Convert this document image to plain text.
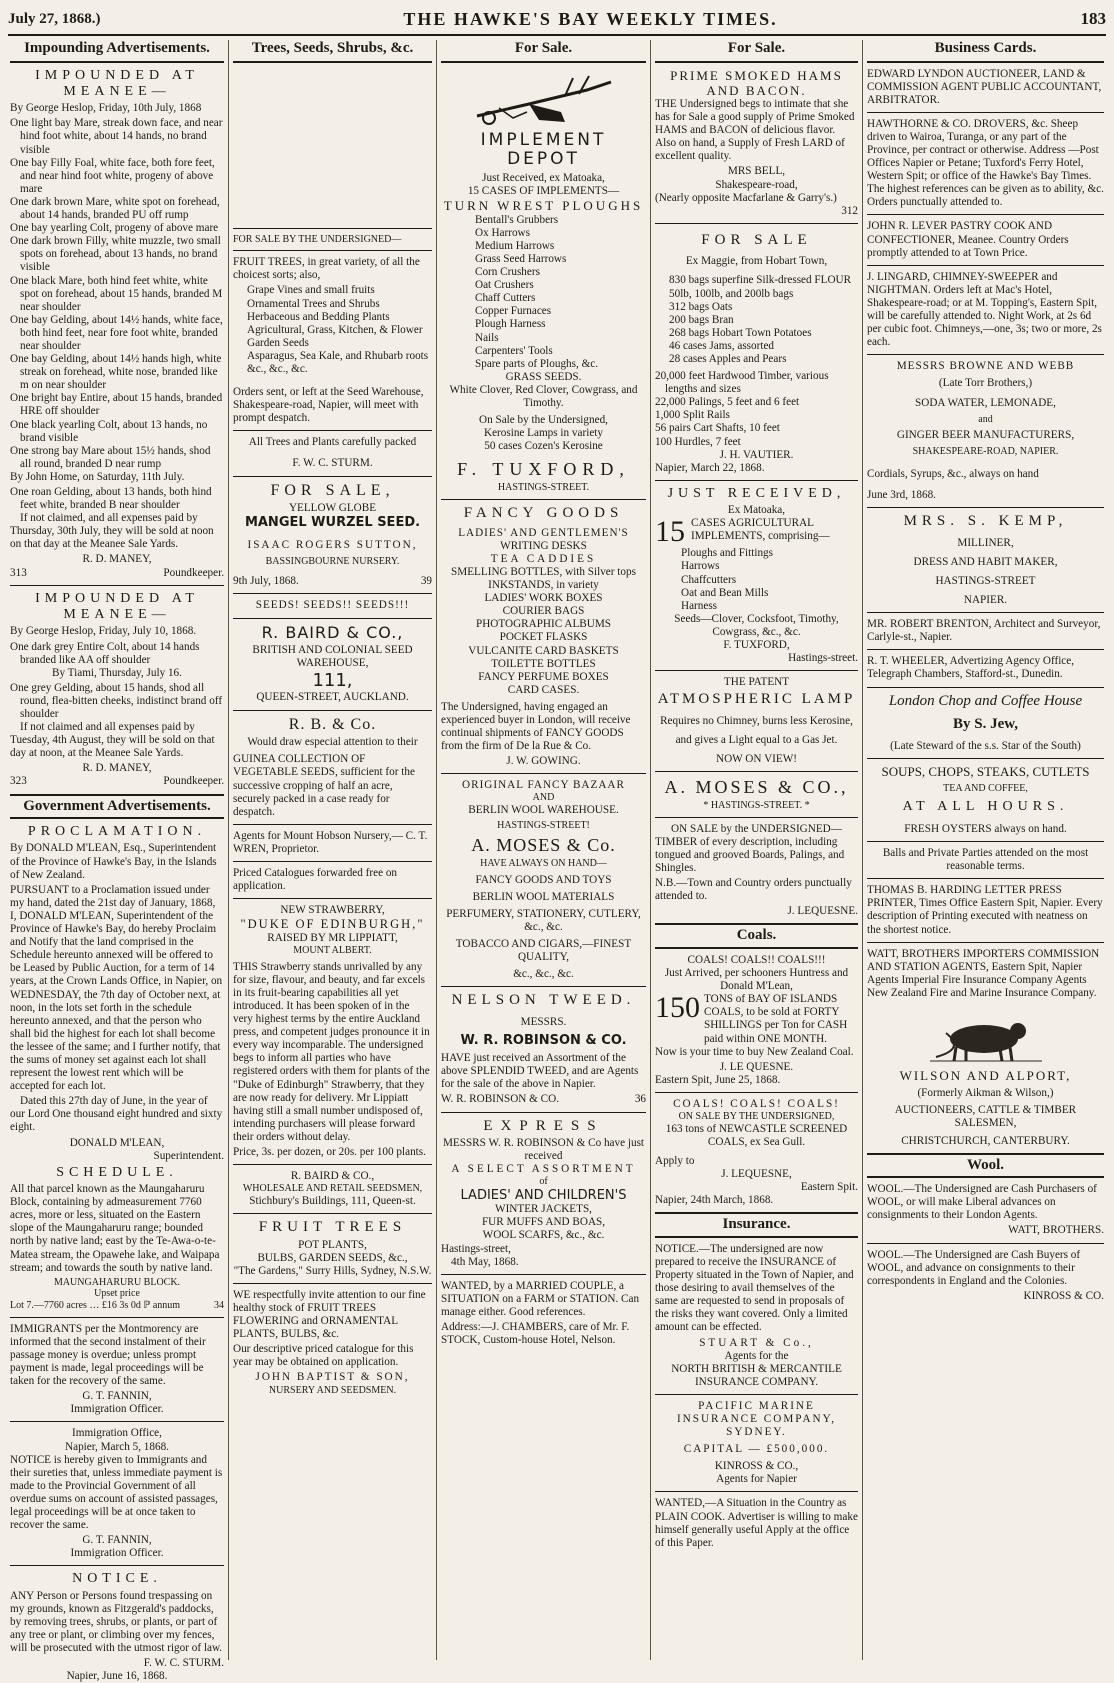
July 27, 1868.)	THE HAWKE'S BAY WEEKLY TIMES.	183
Impounding Advertisements.
IMPOUNDED AT MEANEE—

By George Heslop, Friday, 10th July, 1868

One light bay Mare, streak down face, and near hind foot white, about 14 hands, no brand visible
One bay Filly Foal, white face, both fore feet, and near hind foot white, progeny of above mare
One dark brown Mare, white spot on forehead, about 14 hands, branded PU off rump
One bay yearling Colt, progeny of above mare
One dark brown Filly, white muzzle, two small spots on forehead, about 13 hands, no brand visible
One black Mare, both hind feet white, white spot on forehead, about 15 hands, branded M near shoulder
One bay Gelding, about 14½ hands, white face, both hind feet, near fore foot white, branded near shoulder
One bay Gelding, about 14½ hands high, white streak on forehead, white nose, branded like m on near shoulder
One bright bay Entire, about 15 hands, branded HRE off shoulder
One black yearling Colt, about 13 hands, no brand visible
One strong bay Mare about 15½ hands, shod all round, branded D near rump

By John Home, on Saturday, 11th July.

One roan Gelding, about 13 hands, both hind feet white, branded B near shoulder

If not claimed, and all expenses paid by Thursday, 30th July, they will be sold at noon on that day at the Meanee Sale Yards.

R. D. MANEY,
313	Poundkeeper.
IMPOUNDED AT MEANEE—

By George Heslop, Friday, July 10, 1868.

One dark grey Entire Colt, about 14 hands branded like AA off shoulder

By Tiami, Thursday, July 16.

One grey Gelding, about 15 hands, shod all round, flea-bitten cheeks, indistinct brand off shoulder

If not claimed and all expenses paid by Tuesday, 4th August, they will be sold on that day at noon, at the Meanee Sale Yards.

R. D. MANEY,
323	Poundkeeper.
Government Advertisements.
PROCLAMATION.

By DONALD M'LEAN, Esq., Superintendent of the Province of Hawke's Bay, in the Islands of New Zealand.

PURSUANT to a Proclamation issued under my hand, dated the 21st day of January, 1868, I, DONALD M'LEAN, Superintendent of the Province of Hawke's Bay, do hereby Proclaim and Notify that the land comprised in the Schedule hereunto annexed will be offered to be Leased by Public Auction, for a term of 14 years, at the Crown Lands Office, in Napier, on WEDNESDAY, the 7th day of October next, at noon, in the lots set forth in the schedule hereunto annexed, and that the person who shall bid the highest for each lot shall become the lessee of the same; and I further notify, that the sums of money set against each lot shall represent the lowest rent which will be accepted for each lot.

Dated this 27th day of June, in the year of our Lord One thousand eight hundred and sixty eight.

DONALD M'LEAN,
Superintendent.
SCHEDULE.

All that parcel known as the Maungaharuru Block, containing by admeasurement 7760 acres, more or less, situated on the Eastern slope of the Maungaharuru range; bounded north by native land; east by the Te-Awa-o-te-Matea stream, the Opawehe lake, and Waipapa stream; and towards the south by native land.

MAUNGAHARURU BLOCK.
Upset price
Lot 7.—7760 acres … £16 3s 0d ℙ annum	34

IMMIGRANTS per the Montmorency are informed that the second instalment of their passage money is overdue; unless prompt payment is made, legal proceedings will be taken for the recovery of the same.

G. T. FANNIN,
Immigration Officer.
Immigration Office,
Napier, March 5, 1868.

NOTICE is hereby given to Immigrants and their sureties that, unless immediate payment is made to the Provincial Government of all overdue sums on account of assisted passages, legal proceedings will be at once taken to recover the same.

G. T. FANNIN,
Immigration Officer.
NOTICE.

ANY Person or Persons found trespassing on my grounds, known as Fitzgerald's paddocks, by removing trees, shrubs, or plants, or part of any tree or plant, or climbing over my fences, will be prosecuted with the utmost rigor of law.

F. W. C. STURM.
Napier, June 16, 1868.
Trees, Seeds, Shrubs, &c.
FOR SALE BY THE UNDERSIGNED—

FRUIT TREES, in great variety, of all the choicest sorts; also,

Grape Vines and small fruits
Ornamental Trees and Shrubs
Herbaceous and Bedding Plants
Agricultural, Grass, Kitchen, & Flower Garden Seeds
Asparagus, Sea Kale, and Rhubarb roots &c., &c., &c.

Orders sent, or left at the Seed Warehouse, Shakespeare-road, Napier, will meet with prompt despatch.

All Trees and Plants carefully packed

F. W. C. STURM.
FOR SALE,
YELLOW GLOBE
MANGEL WURZEL SEED.
ISAAC ROGERS SUTTON,
BASSINGBOURNE NURSERY.
9th July, 1868.	39
SEEDS! SEEDS!! SEEDS!!!
R. BAIRD & CO.,
BRITISH AND COLONIAL SEED WAREHOUSE,
111,
QUEEN-STREET, AUCKLAND.
R. B. & Co.
Would draw especial attention to their

GUINEA COLLECTION OF VEGETABLE SEEDS, sufficient for the successive cropping of half an acre, securely packed in a case ready for despatch.

Agents for Mount Hobson Nursery,— C. T. WREN, Proprietor.

Priced Catalogues forwarded free on application.

NEW STRAWBERRY,
"DUKE OF EDINBURGH,"
RAISED BY MR LIPPIATT,
MOUNT ALBERT.

THIS Strawberry stands unrivalled by any for size, flavour, and beauty, and far excels in its fruit-bearing capabilities all yet introduced. It has been spoken of in the very highest terms by the entire Auckland press, and competent judges pronounce it in every way incomparable. The undersigned begs to inform all parties who have registered orders with them for plants of the "Duke of Edinburgh" Strawberry, that they are now ready for delivery. Mr Lippiatt having still a small number undisposed of, intending purchasers will please forward their orders without delay.

Price, 3s. per dozen, or 20s. per 100 plants.

R. BAIRD & CO.,
WHOLESALE AND RETAIL SEEDSMEN,
Stichbury's Buildings, 111, Queen-st.
FRUIT TREES
POT PLANTS,
BULBS, GARDEN SEEDS, &c.,

"The Gardens," Surry Hills, Sydney, N.S.W.

WE respectfully invite attention to our fine healthy stock of FRUIT TREES FLOWERING and ORNAMENTAL PLANTS, BULBS, &c.

Our descriptive priced catalogue for this year may be obtained on application.

JOHN BAPTIST & SON,
NURSERY AND SEEDSMEN.
For Sale.
IMPLEMENT DEPOT
Just Received, ex Matoaka,
15 CASES OF IMPLEMENTS—
TURN WREST PLOUGHS
Bentall's Grubbers
Ox Harrows
Medium Harrows
Grass Seed Harrows
Corn Crushers
Oat Crushers
Chaff Cutters
Copper Furnaces
Plough Harness
Nails
Carpenters' Tools
Spare parts of Ploughs, &c.
GRASS SEEDS.
White Clover, Red Clover, Cowgrass, and Timothy.
On Sale by the Undersigned,
Kerosine Lamps in variety
50 cases Cozen's Kerosine
F. TUXFORD,
HASTINGS-STREET.
FANCY GOODS
LADIES' AND GENTLEMEN'S
WRITING DESKS
TEA CADDIES
SMELLING BOTTLES, with Silver tops
INKSTANDS, in variety
LADIES' WORK BOXES
COURIER BAGS
PHOTOGRAPHIC ALBUMS
POCKET FLASKS
VULCANITE CARD BASKETS
TOILETTE BOTTLES
FANCY PERFUME BOXES
CARD CASES.

The Undersigned, having engaged an experienced buyer in London, will receive continual shipments of FANCY GOODS from the firm of De la Rue & Co.

J. W. GOWING.
ORIGINAL FANCY BAZAAR
AND
BERLIN WOOL WAREHOUSE.
HASTINGS-STREET!
A. MOSES & Co.
HAVE ALWAYS ON HAND—
FANCY GOODS AND TOYS
BERLIN WOOL MATERIALS
PERFUMERY, STATIONERY, CUTLERY, &c., &c.
TOBACCO AND CIGARS,—FINEST QUALITY,
&c., &c., &c.
NELSON TWEED.
MESSRS.
W. R. ROBINSON & CO.

HAVE just received an Assortment of the above SPLENDID TWEED, and are Agents for the sale of the above in Napier.

W. R. ROBINSON & CO.	36
EXPRESS
MESSRS W. R. ROBINSON & Co have just received
A SELECT ASSORTMENT
of
LADIES' AND CHILDREN'S
WINTER JACKETS,
FUR MUFFS AND BOAS,
WOOL SCARFS, &c., &c.
Hastings-street,
4th May, 1868.

WANTED, by a MARRIED COUPLE, a SITUATION on a FARM or STATION. Can manage either. Good references.

Address:—J. CHAMBERS, care of Mr. F. STOCK, Custom-house Hotel, Nelson.

For Sale.
PRIME SMOKED HAMS AND BACON.

THE Undersigned begs to intimate that she has for Sale a good supply of Prime Smoked HAMS and BACON of delicious flavor. Also on hand, a Supply of Fresh LARD of excellent quality.

MRS BELL,
Shakespeare-road,
(Nearly opposite Macfarlane & Garry's.)
312
FOR SALE
Ex Maggie, from Hobart Town,
830 bags superfine Silk-dressed FLOUR 50lb, 100lb, and 200lb bags
312 bags Oats
200 bags Bran
268 bags Hobart Town Potatoes
46 cases Jams, assorted
28 cases Apples and Pears
20,000 feet Hardwood Timber, various lengths and sizes
22,000 Palings, 5 feet and 6 feet
1,000 Split Rails
56 pairs Cart Shafts, 10 feet
100 Hurdles, 7 feet
J. H. VAUTIER.
Napier, March 22, 1868.
JUST RECEIVED,
Ex Matoaka,
15 CASES AGRICULTURAL IMPLEMENTS, comprising—
Ploughs and Fittings
Harrows
Chaffcutters
Oat and Bean Mills
Harness
Seeds—Clover, Cocksfoot, Timothy, Cowgrass, &c., &c.
F. TUXFORD,
Hastings-street.
THE PATENT
ATMOSPHERIC LAMP
Requires no Chimney, burns less Kerosine,
and gives a Light equal to a Gas Jet.
NOW ON VIEW!
A. MOSES & CO.,
* HASTINGS-STREET. *
ON SALE by the UNDERSIGNED—

TIMBER of every description, including tongued and grooved Boards, Palings, and Shingles.

N.B.—Town and Country orders punctually attended to.

J. LEQUESNE.
Coals.
COALS! COALS!! COALS!!!
Just Arrived, per schooners Huntress and Donald M'Lean,
150 TONS of BAY OF ISLANDS COALS, to be sold at FORTY SHILLINGS per Ton for CASH paid within ONE MONTH.

Now is your time to buy New Zealand Coal.

J. LE QUESNE.
Eastern Spit, June 25, 1868.
COALS! COALS! COALS!
ON SALE BY THE UNDERSIGNED,
163 tons of NEWCASTLE SCREENED COALS, ex Sea Gull.
Apply to
J. LEQUESNE,
Eastern Spit.
Napier, 24th March, 1868.
Insurance.

NOTICE.—The undersigned are now prepared to receive the INSURANCE of Property situated in the Town of Napier, and those desiring to avail themselves of the same are requested to send in proposals of the risks they want covered. Only a limited amount can be effected.

STUART & Co.,
Agents for the
NORTH BRITISH & MERCANTILE INSURANCE COMPANY.
PACIFIC MARINE INSURANCE COMPANY, SYDNEY.
CAPITAL — £500,000.
KINROSS & CO.,
Agents for Napier

WANTED,—A Situation in the Country as PLAIN COOK. Advertiser is willing to make himself generally useful Apply at the office of this Paper.

Business Cards.

EDWARD LYNDON AUCTIONEER, LAND & COMMISSION AGENT PUBLIC ACCOUNTANT, ARBITRATOR.

HAWTHORNE & CO. DROVERS, &c. Sheep driven to Wairoa, Turanga, or any part of the Province, per contract or otherwise. Address —Post Offices Napier or Petane; Tuxford's Ferry Hotel, Western Spit; or office of the Hawke's Bay Times. The highest references can be given as to ability, &c. Orders punctually attended to.

JOHN R. LEVER PASTRY COOK AND CONFECTIONER, Meanee. Country Orders promptly attended to at Town Price.

J. LINGARD, CHIMNEY-SWEEPER and NIGHTMAN. Orders left at Mac's Hotel, Shakespeare-road; or at M. Topping's, Eastern Spit, will be carefully attended to. Night Work, at 2s 6d per cubic foot. Chimneys,—one, 3s; two or more, 2s each.

MESSRS BROWNE AND WEBB
(Late Torr Brothers,)
SODA WATER, LEMONADE,
and
GINGER BEER MANUFACTURERS,
SHAKESPEARE-ROAD, NAPIER.
Cordials, Syrups, &c., always on hand
June 3rd, 1868.
MRS. S. KEMP,
MILLINER,
DRESS AND HABIT MAKER,
HASTINGS-STREET
NAPIER.

MR. ROBERT BRENTON, Architect and Surveyor, Carlyle-st., Napier.

R. T. WHEELER, Advertizing Agency Office, Telegraph Chambers, Stafford-st., Dunedin.

London Chop and Coffee House
By S. Jew,
(Late Steward of the s.s. Star of the South)
SOUPS, CHOPS, STEAKS, CUTLETS
TEA AND COFFEE,
AT ALL HOURS.
FRESH OYSTERS always on hand.

Balls and Private Parties attended on the most reasonable terms.

THOMAS B. HARDING LETTER PRESS PRINTER, Times Office Eastern Spit, Napier. Every description of Printing executed with neatness on the shortest notice.

WATT, BROTHERS IMPORTERS COMMISSION AND STATION AGENTS, Eastern Spit, Napier Agents Imperial Fire Insurance Company Agents New Zealand Fire and Marine Insurance Company.

WILSON AND ALPORT,
(Formerly Aikman & Wilson,)
AUCTIONEERS, CATTLE & TIMBER SALESMEN,
CHRISTCHURCH, CANTERBURY.
Wool.

WOOL.—The Undersigned are Cash Purchasers of WOOL, or will make Liberal advances on consignments to their London Agents.

WATT, BROTHERS.

WOOL.—The Undersigned are Cash Buyers of WOOL, and advance on consignments to their correspondents in England and the Colonies.

KINROSS & CO.
